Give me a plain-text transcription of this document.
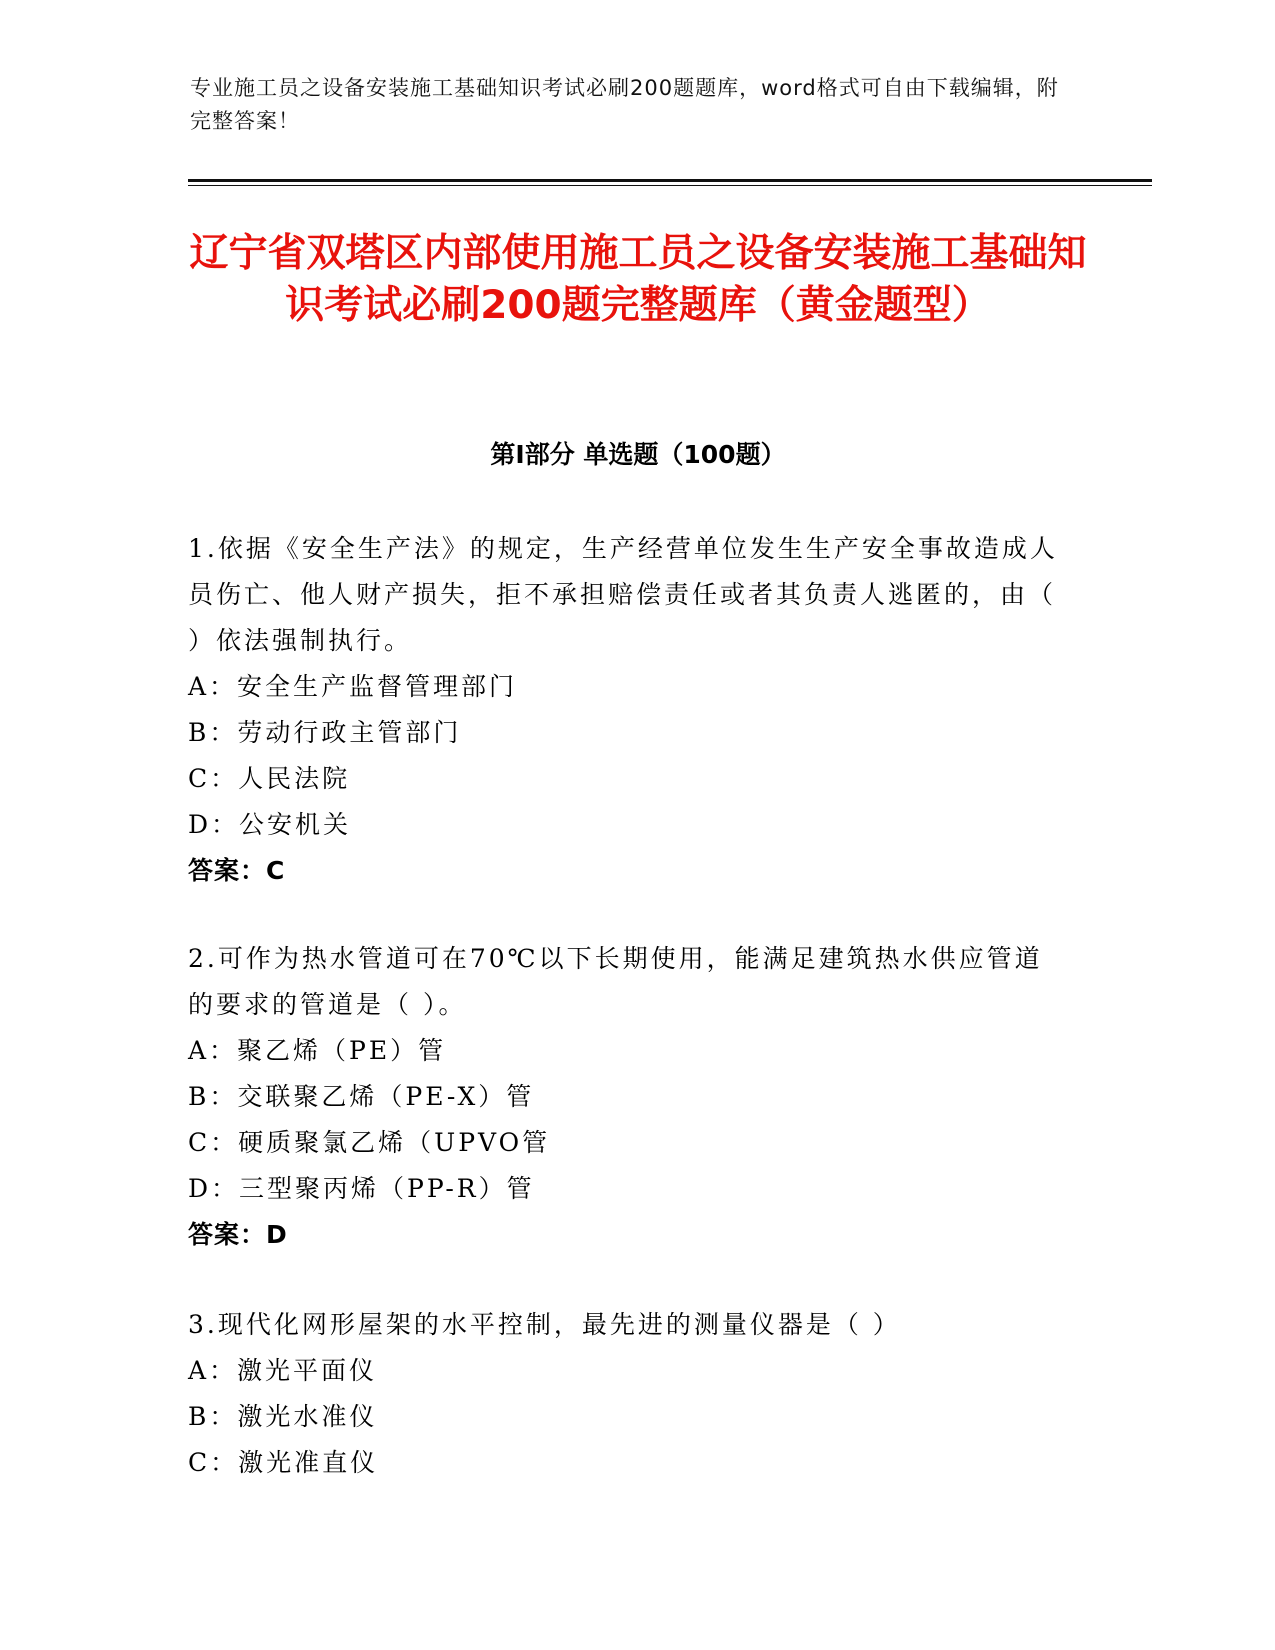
专业施工员之设备安装施工基础知识考试必刷200题题库，word格式可自由下载编辑，附完整答案！
辽宁省双塔区内部使用施工员之设备安装施工基础知识考试必刷200题完整题库（黄金题型）
第Ⅰ部分 单选题（100题）
1.依据《安全生产法》的规定，生产经营单位发生生产安全事故造成人员伤亡、他人财产损失，拒不承担赔偿责任或者其负责人逃匿的，由（ ）依法强制执行。
A：安全生产监督管理部门
B：劳动行政主管部门
C：人民法院
D：公安机关
答案：C
2.可作为热水管道可在70℃以下长期使用，能满足建筑热水供应管道的要求的管道是（ ）。
A：聚乙烯（PE）管
B：交联聚乙烯（PE-X）管
C：硬质聚氯乙烯（UPVO管
D：三型聚丙烯（PP-R）管
答案：D
3.现代化网形屋架的水平控制，最先进的测量仪器是（ ）
A：激光平面仪
B：激光水准仪
C：激光准直仪
